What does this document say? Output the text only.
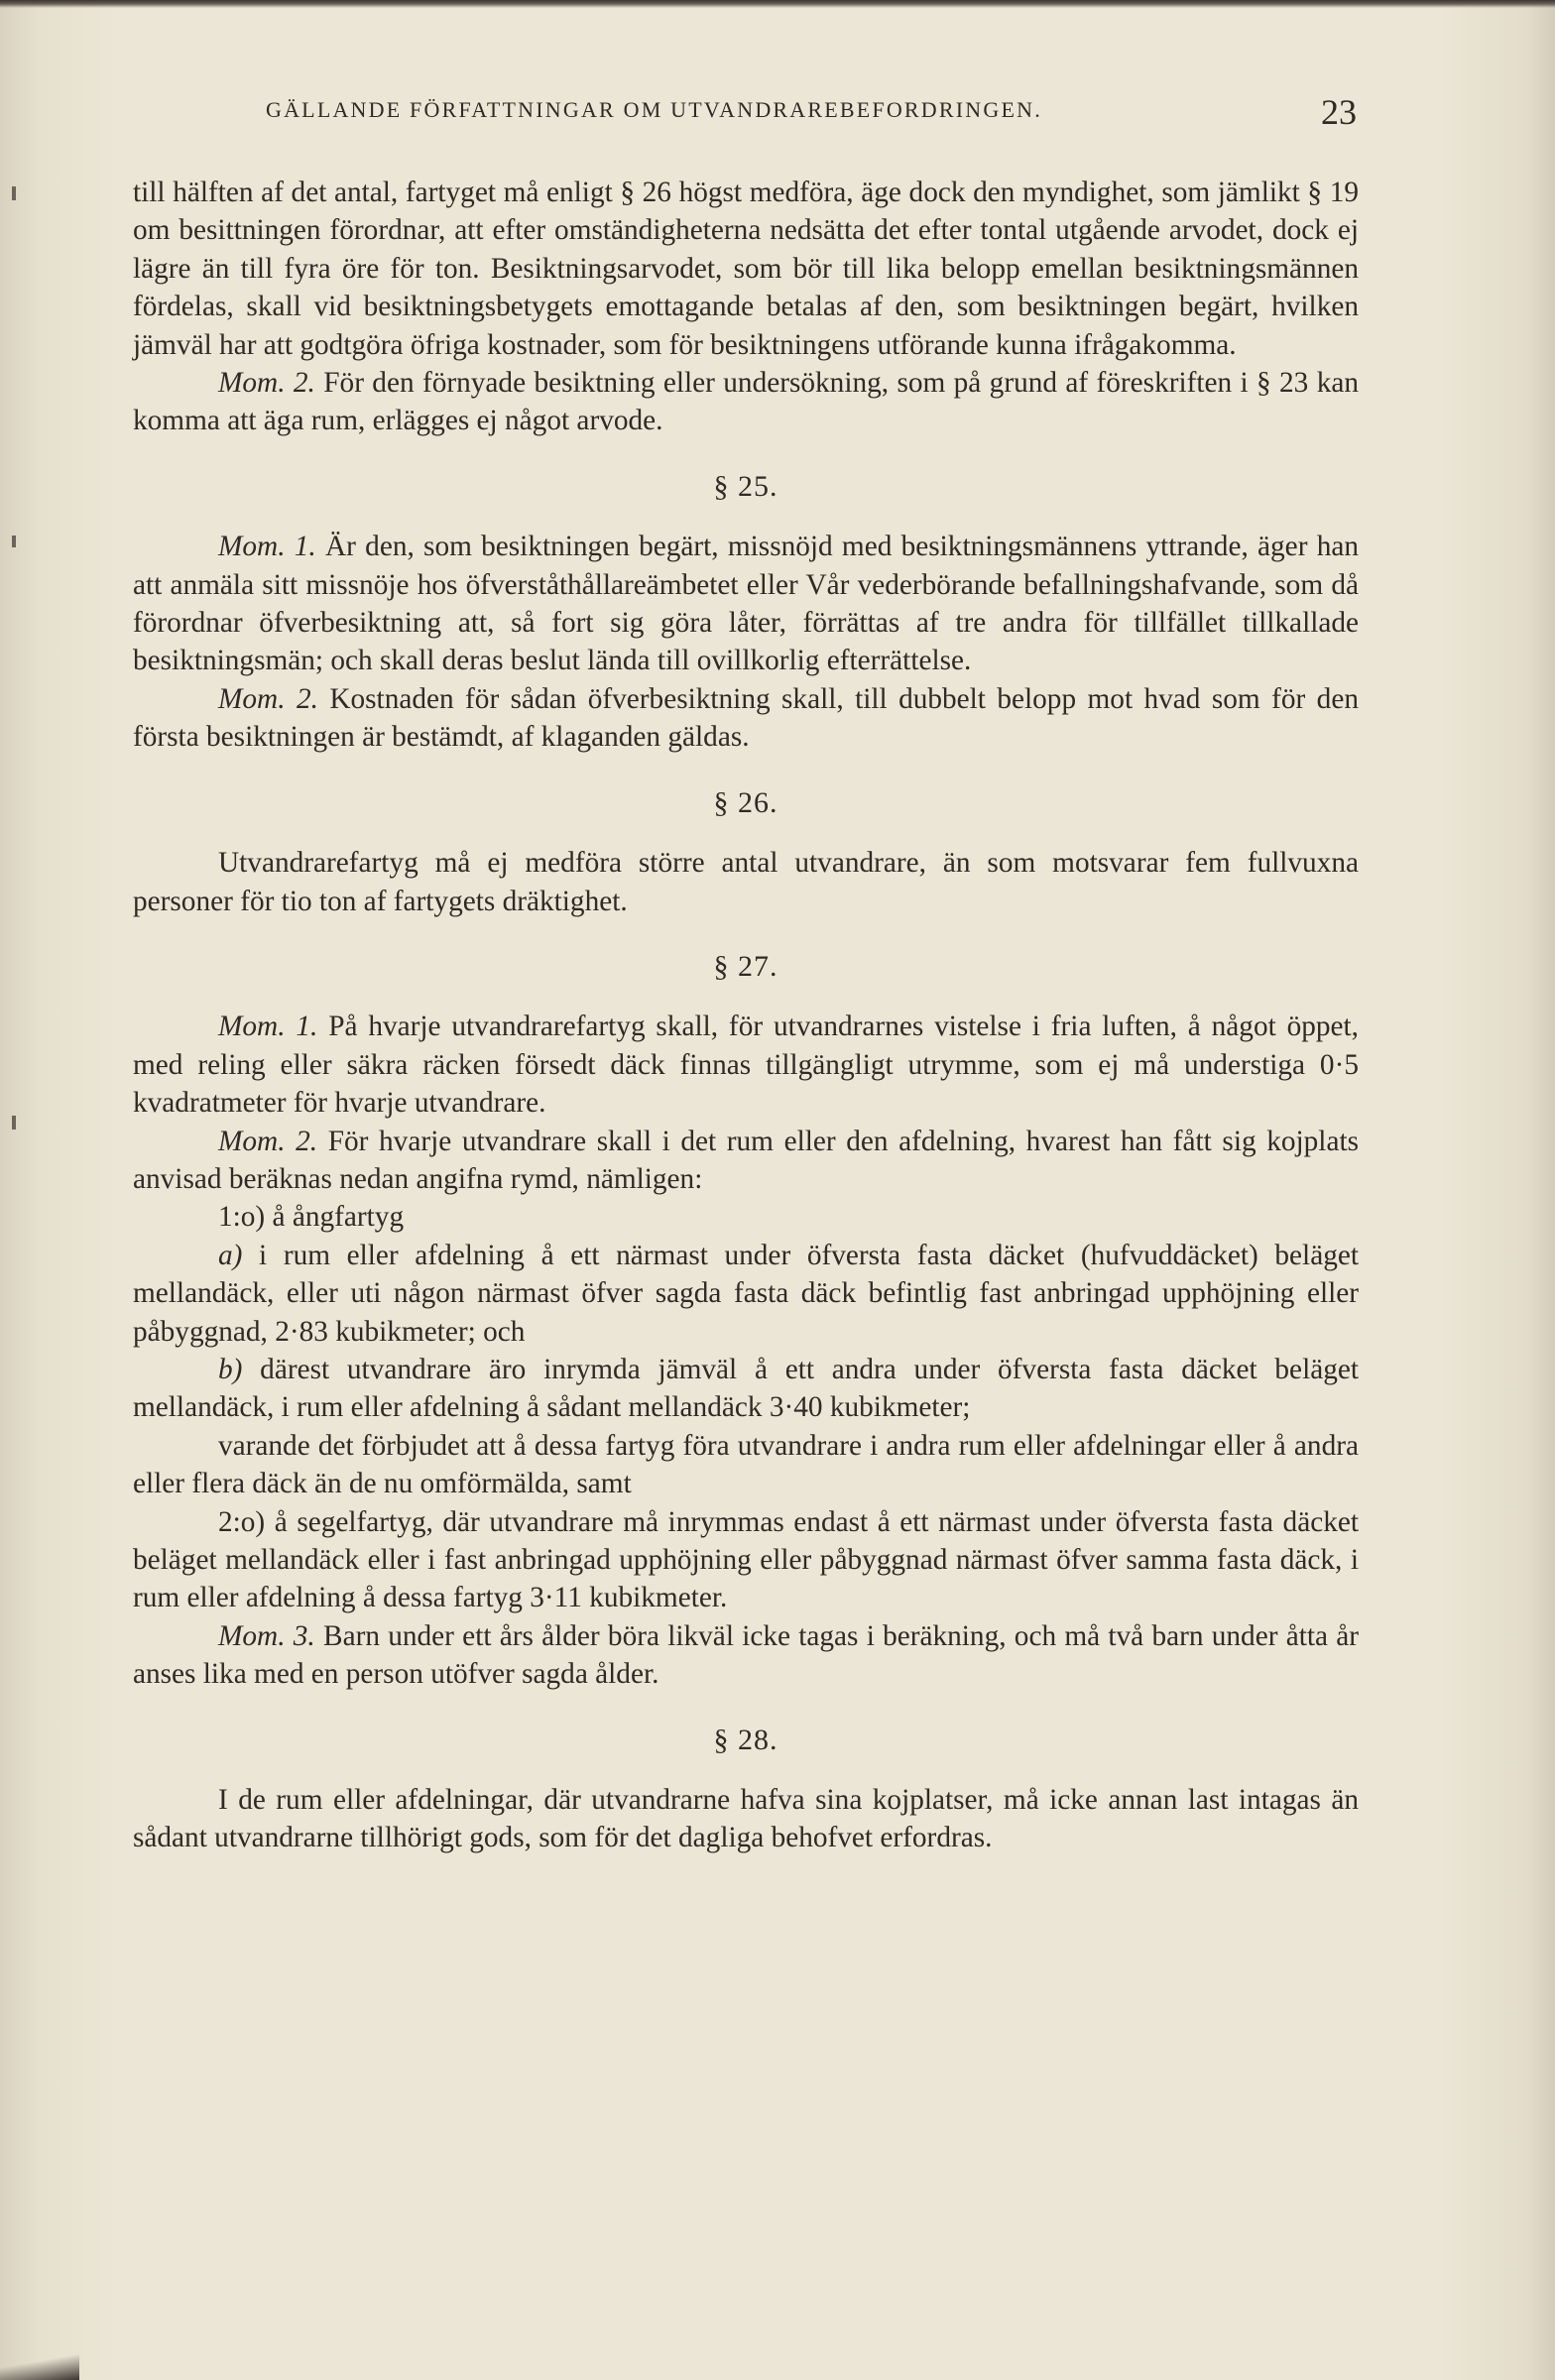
GÄLLANDE FÖRFATTNINGAR OM UTVANDRAREBEFORDRINGEN.	23

till hälften af det antal, fartyget må enligt § 26 högst medföra, äge dock den myndighet, som jämlikt § 19 om besittningen förordnar, att efter omständigheterna nedsätta det efter tontal utgående arvodet, dock ej lägre än till fyra öre för ton. Besiktningsarvodet, som bör till lika belopp emellan besiktningsmännen fördelas, skall vid besiktningsbetygets emottagande betalas af den, som besiktningen begärt, hvilken jämväl har att godtgöra öfriga kostnader, som för besiktningens utförande kunna ifrågakomma.

Mom. 2. För den förnyade besiktning eller undersökning, som på grund af föreskriften i § 23 kan komma att äga rum, erlägges ej något arvode.

§ 25.

Mom. 1. Är den, som besiktningen begärt, missnöjd med besiktningsmännens yttrande, äger han att anmäla sitt missnöje hos öfverståthållareämbetet eller Vår vederbörande befallningshafvande, som då förordnar öfverbesiktning att, så fort sig göra låter, förrättas af tre andra för tillfället tillkallade besiktningsmän; och skall deras beslut lända till ovillkorlig efterrättelse.

Mom. 2. Kostnaden för sådan öfverbesiktning skall, till dubbelt belopp mot hvad som för den första besiktningen är bestämdt, af klaganden gäldas.

§ 26.

Utvandrarefartyg må ej medföra större antal utvandrare, än som motsvarar fem fullvuxna personer för tio ton af fartygets dräktighet.

§ 27.

Mom. 1. På hvarje utvandrarefartyg skall, för utvandrarnes vistelse i fria luften, å något öppet, med reling eller säkra räcken försedt däck finnas tillgängligt utrymme, som ej må understiga 0·5 kvadratmeter för hvarje utvandrare.

Mom. 2. För hvarje utvandrare skall i det rum eller den afdelning, hvarest han fått sig kojplats anvisad beräknas nedan angifna rymd, nämligen:

1:o) å ångfartyg

a) i rum eller afdelning å ett närmast under öfversta fasta däcket (hufvuddäcket) beläget mellandäck, eller uti någon närmast öfver sagda fasta däck befintlig fast anbringad upphöjning eller påbyggnad, 2·83 kubikmeter; och

b) därest utvandrare äro inrymda jämväl å ett andra under öfversta fasta däcket beläget mellandäck, i rum eller afdelning å sådant mellandäck 3·40 kubikmeter;

varande det förbjudet att å dessa fartyg föra utvandrare i andra rum eller afdelningar eller å andra eller flera däck än de nu omförmälda, samt

2:o) å segelfartyg, där utvandrare må inrymmas endast å ett närmast under öfversta fasta däcket beläget mellandäck eller i fast anbringad upphöjning eller påbyggnad närmast öfver samma fasta däck, i rum eller afdelning å dessa fartyg 3·11 kubikmeter.

Mom. 3. Barn under ett års ålder böra likväl icke tagas i beräkning, och må två barn under åtta år anses lika med en person utöfver sagda ålder.

§ 28.

I de rum eller afdelningar, där utvandrarne hafva sina kojplatser, må icke annan last intagas än sådant utvandrarne tillhörigt gods, som för det dagliga behofvet erfordras.
